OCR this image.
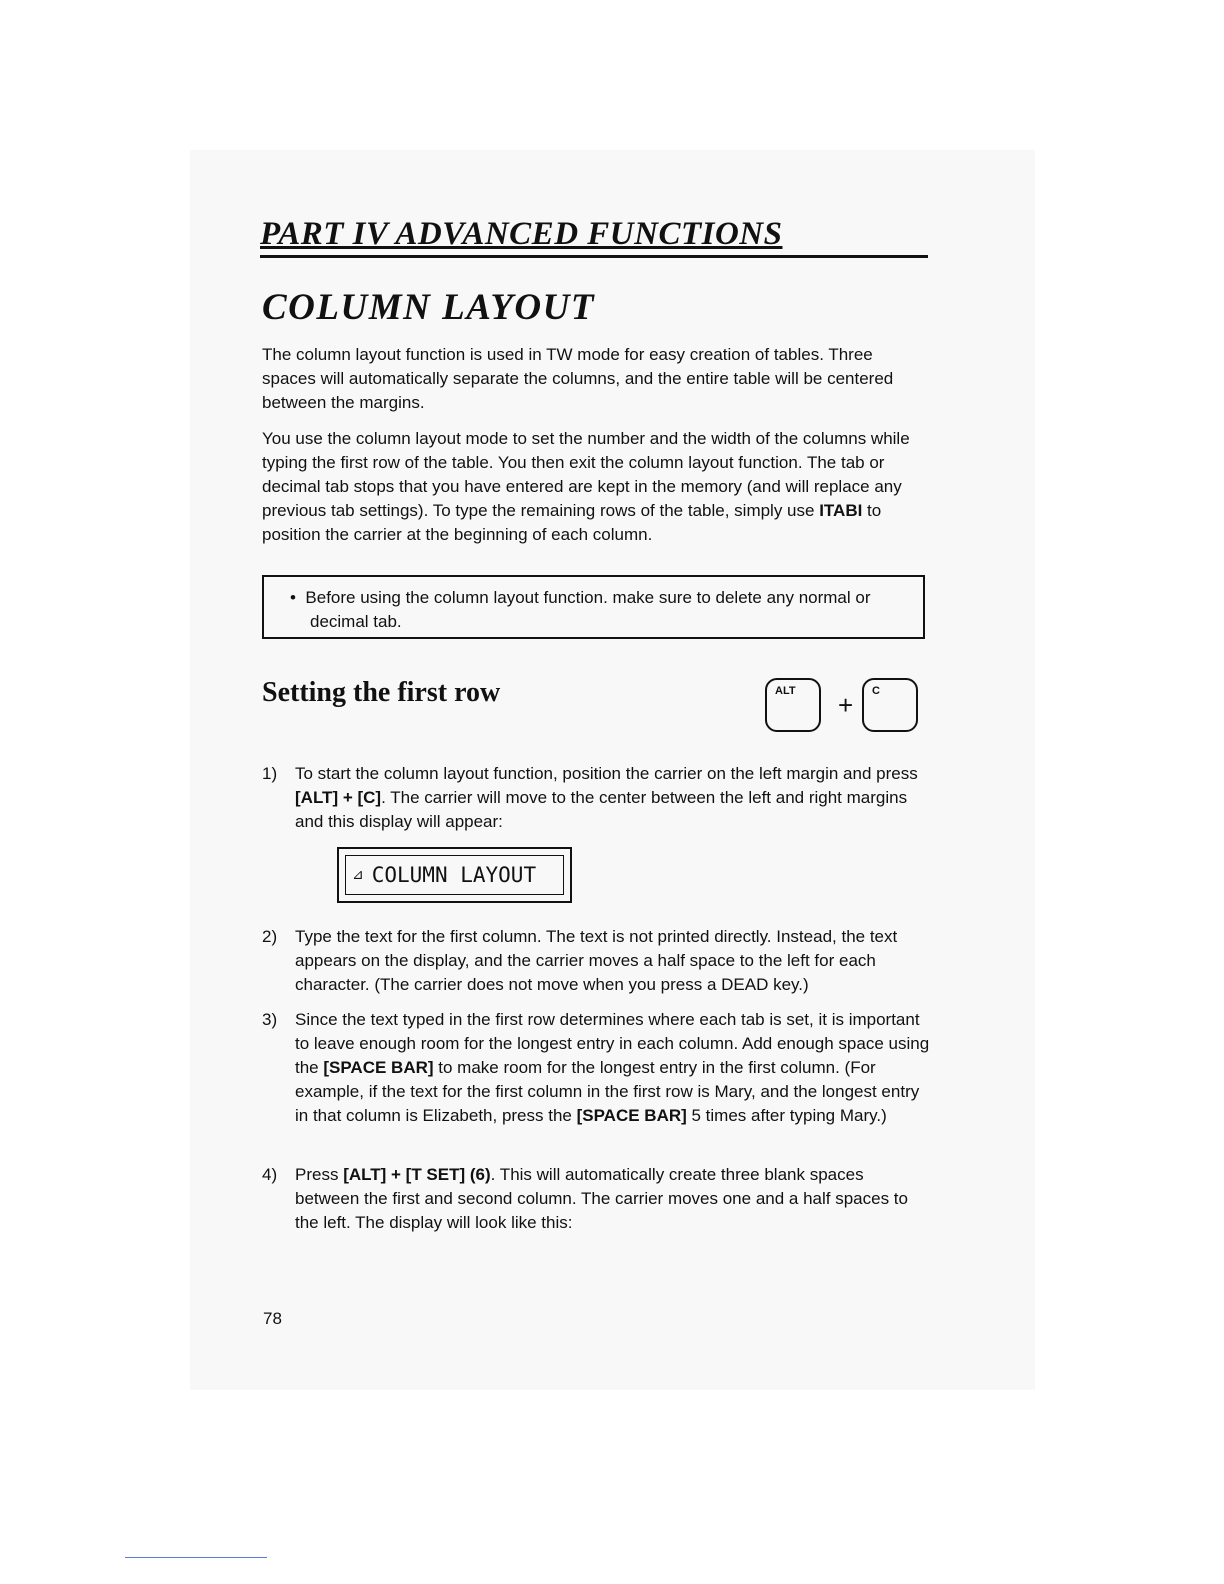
PART IV ADVANCED FUNCTIONS
COLUMN LAYOUT
The column layout function is used in TW mode for easy creation of tables. Three spaces will automatically separate the columns, and the entire table will be centered between the margins.
You use the column layout mode to set the number and the width of the columns while typing the first row of the table. You then exit the column layout function. The tab or decimal tab stops that you have entered are kept in the memory (and will replace any previous tab settings). To type the remaining rows of the table, simply use ITABI to position the carrier at the beginning of each column.
• Before using the column layout function. make sure to delete any normal or decimal tab.
Setting the first row	ALT + C
1) To start the column layout function, position the carrier on the left margin and press [ALT] + [C]. The carrier will move to the center between the left and right margins and this display will appear:
2) Type the text for the first column. The text is not printed directly. Instead, the text appears on the display, and the carrier moves a half space to the left for each character. (The carrier does not move when you press a DEAD key.)
3) Since the text typed in the first row determines where each tab is set, it is important to leave enough room for the longest entry in each column. Add enough space using the [SPACE BAR] to make room for the longest entry in the first column. (For example, if the text for the first column in the first row is Mary, and the longest entry in that column is Elizabeth, press the [SPACE BAR] 5 times after typing Mary.)
4) Press [ALT] + [T SET] (6). This will automatically create three blank spaces between the first and second column. The carrier moves one and a half spaces to the left. The display will look like this:
⊿ COLUMN LAYOUT
78
